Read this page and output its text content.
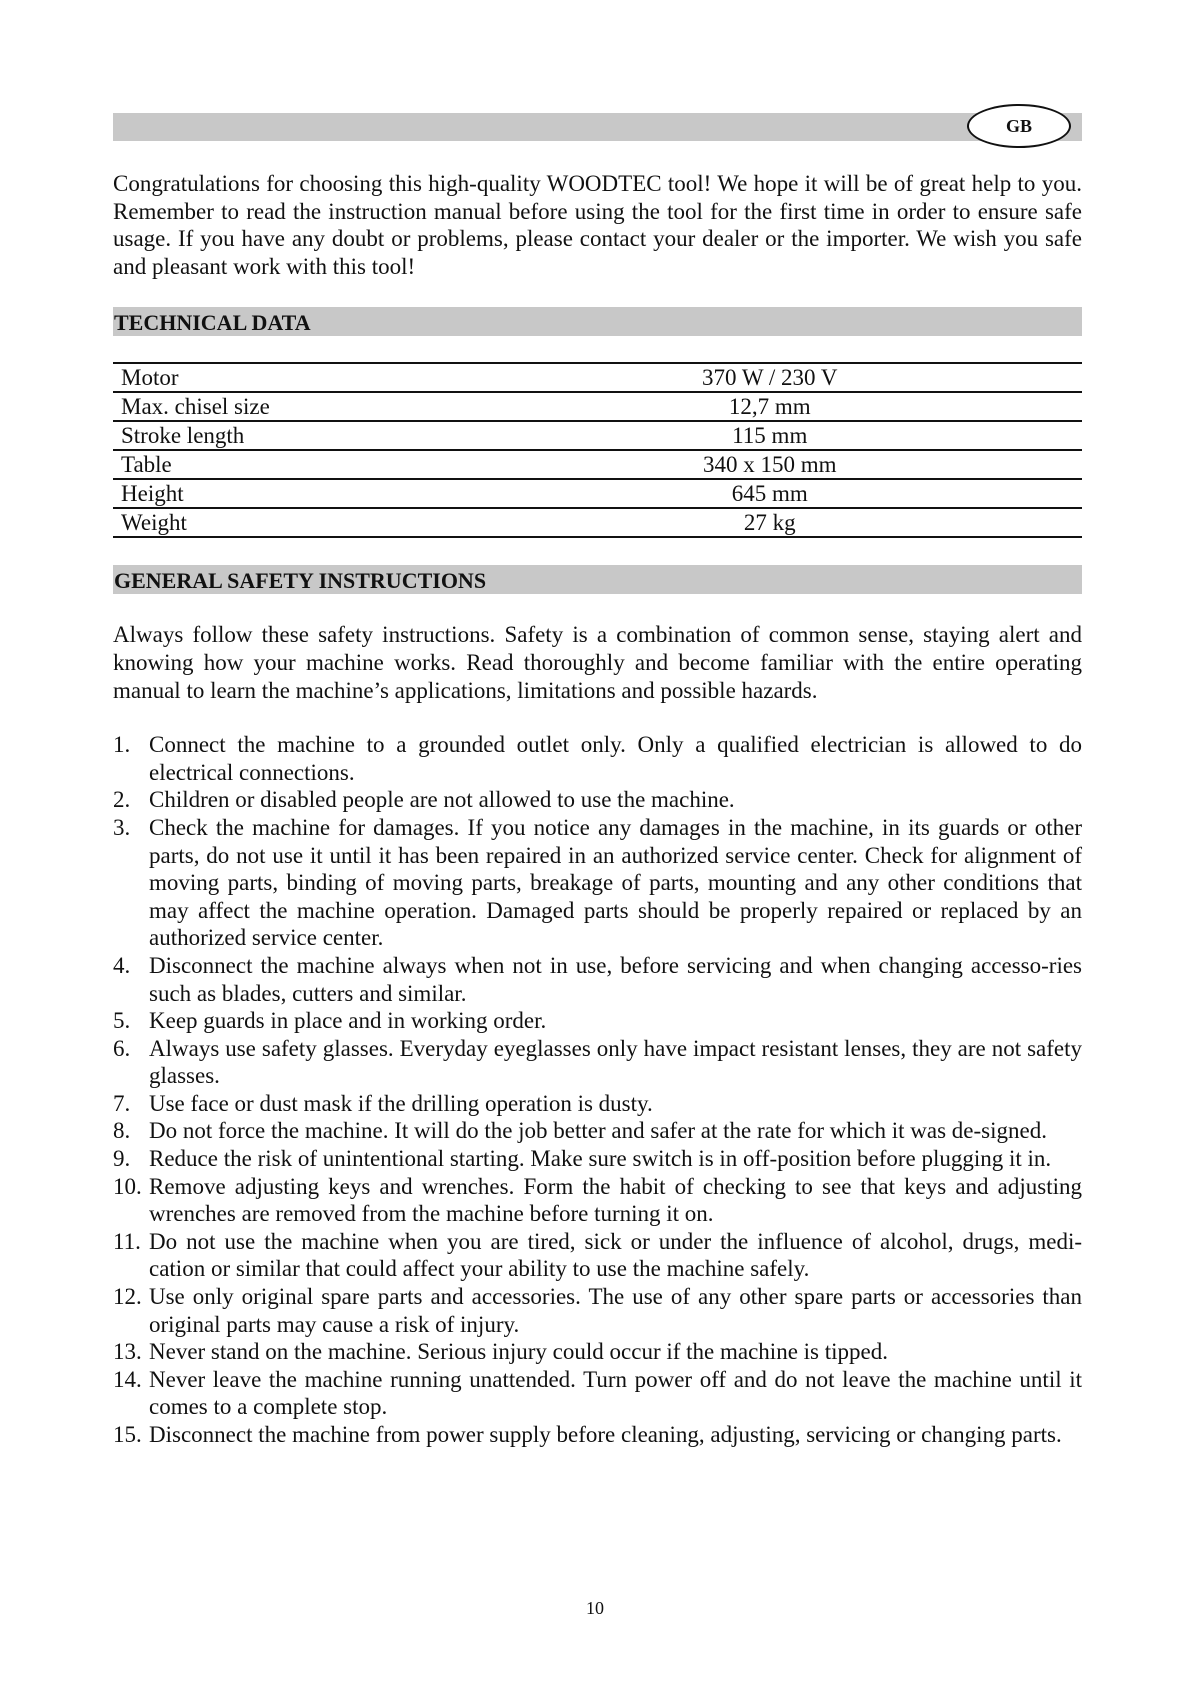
GB

Congratulations for choosing this high-quality WOODTEC tool! We hope it will be of great help to you. Remember to read the instruction manual before using the tool for the first time in order to ensure safe usage. If you have any doubt or problems, please contact your dealer or the importer. We wish you safe and pleasant work with this tool!

TECHNICAL DATA
Motor	370 W / 230 V
Max. chisel size	12,7 mm
Stroke length	115 mm
Table	340 x 150 mm
Height	645 mm
Weight	27 kg
GENERAL SAFETY INSTRUCTIONS

Always follow these safety instructions. Safety is a combination of common sense, staying alert and knowing how your machine works. Read thoroughly and become familiar with the entire operating manual to learn the machine’s applications, limitations and possible hazards.

1. Connect the machine to a grounded outlet only. Only a qualified electrician is allowed to do electrical connections.
2. Children or disabled people are not allowed to use the machine.
3. Check the machine for damages. If you notice any damages in the machine, in its guards or other parts, do not use it until it has been repaired in an authorized service center. Check for alignment of moving parts, binding of moving parts, breakage of parts, mounting and any other conditions that may affect the machine operation. Damaged parts should be properly repaired or replaced by an authorized service center.
4. Disconnect the machine always when not in use, before servicing and when changing accesso-ries such as blades, cutters and similar.
5. Keep guards in place and in working order.
6. Always use safety glasses. Everyday eyeglasses only have impact resistant lenses, they are not safety glasses.
7. Use face or dust mask if the drilling operation is dusty.
8. Do not force the machine. It will do the job better and safer at the rate for which it was de-signed.
9. Reduce the risk of unintentional starting. Make sure switch is in off-position before plugging it in.
10. Remove adjusting keys and wrenches. Form the habit of checking to see that keys and adjusting wrenches are removed from the machine before turning it on.
11. Do not use the machine when you are tired, sick or under the influence of alcohol, drugs, medi-cation or similar that could affect your ability to use the machine safely.
12. Use only original spare parts and accessories. The use of any other spare parts or accessories than original parts may cause a risk of injury.
13. Never stand on the machine. Serious injury could occur if the machine is tipped.
14. Never leave the machine running unattended. Turn power off and do not leave the machine until it comes to a complete stop.
15. Disconnect the machine from power supply before cleaning, adjusting, servicing or changing parts.
10
